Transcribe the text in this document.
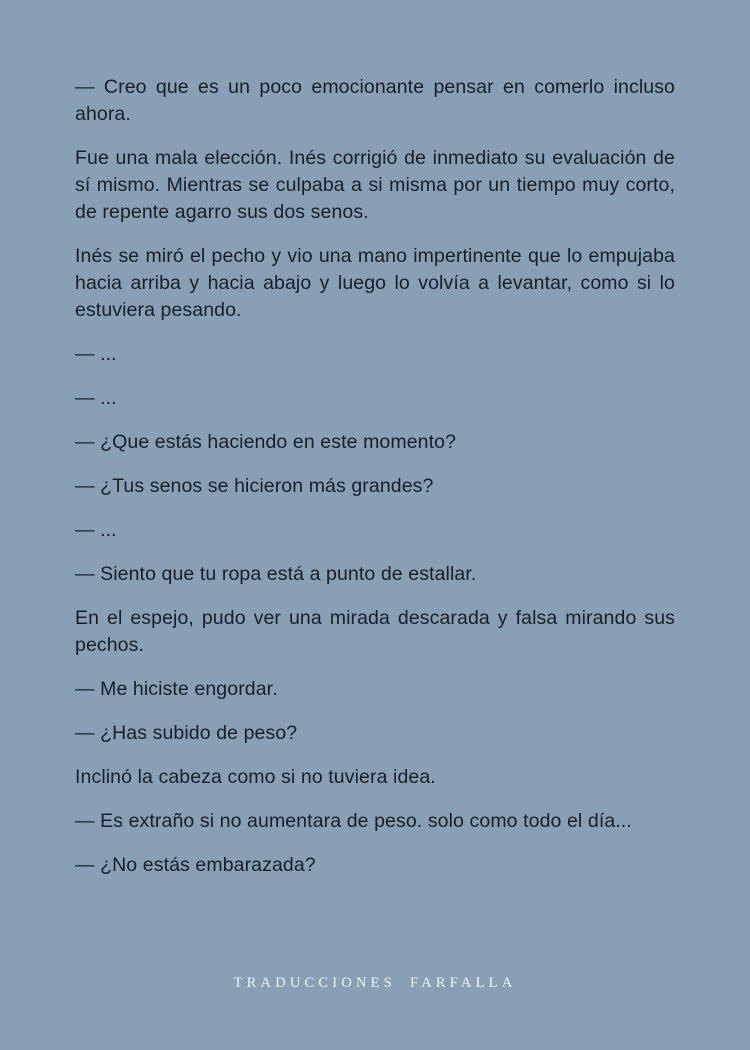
— Creo que es un poco emocionante pensar en comerlo incluso ahora.

Fue una mala elección. Inés corrigió de inmediato su evaluación de sí mismo. Mientras se culpaba a si misma por un tiempo muy corto, de repente agarro sus dos senos.

Inés se miró el pecho y vio una mano impertinente que lo empujaba hacia arriba y hacia abajo y luego lo volvía a levantar, como si lo estuviera pesando.

— ...

— ...

— ¿Que estás haciendo en este momento?

— ¿Tus senos se hicieron más grandes?

— ...

— Siento que tu ropa está a punto de estallar.

En el espejo, pudo ver una mirada descarada y falsa mirando sus pechos.

— Me hiciste engordar.

— ¿Has subido de peso?

Inclinó la cabeza como si no tuviera idea.

— Es extraño si no aumentara de peso. solo como todo el día...

— ¿No estás embarazada?

TRADUCCIONES FARFALLA
